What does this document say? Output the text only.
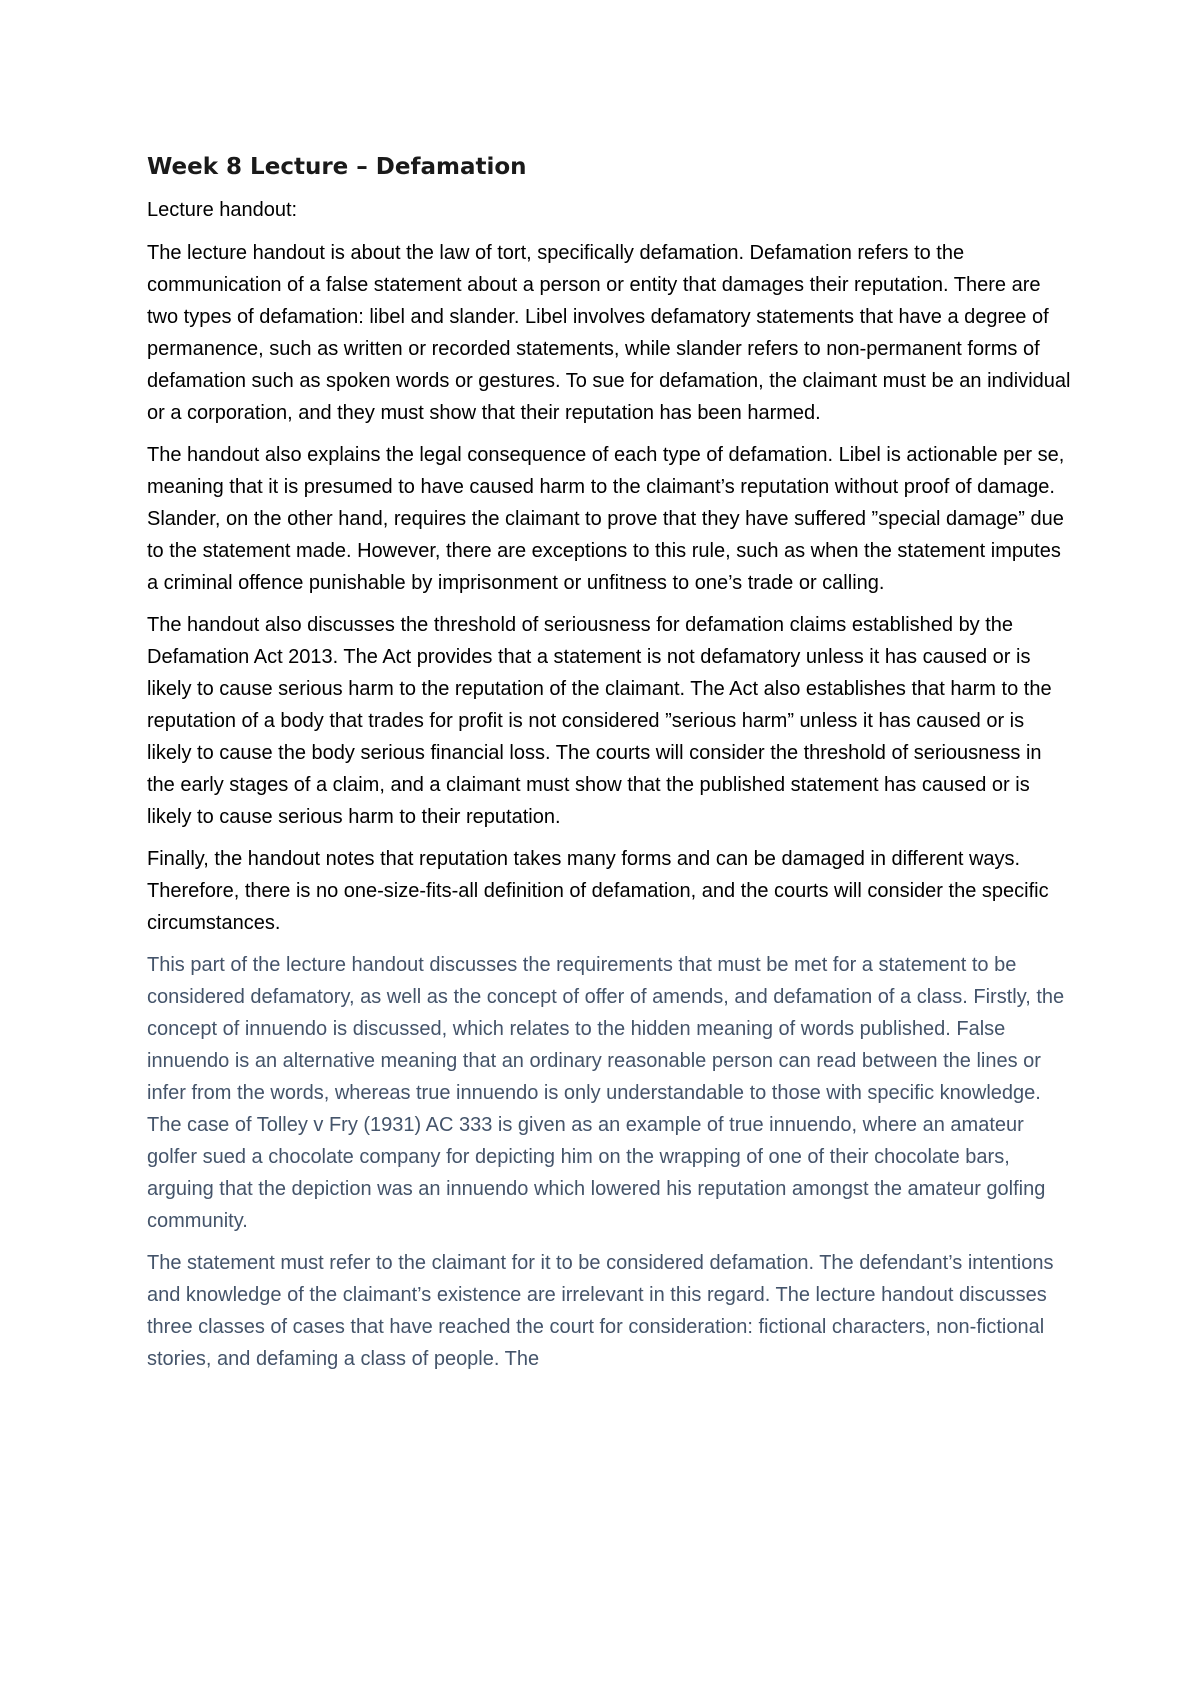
Week 8 Lecture – Defamation

Lecture handout:

The lecture handout is about the law of tort, specifically defamation. Defamation refers to the communication of a false statement about a person or entity that damages their reputation. There are two types of defamation: libel and slander. Libel involves defamatory statements that have a degree of permanence, such as written or recorded statements, while slander refers to non-permanent forms of defamation such as spoken words or gestures. To sue for defamation, the claimant must be an individual or a corporation, and they must show that their reputation has been harmed.

The handout also explains the legal consequence of each type of defamation. Libel is actionable per se, meaning that it is presumed to have caused harm to the claimant’s reputation without proof of damage. Slander, on the other hand, requires the claimant to prove that they have suffered ”special damage” due to the statement made. However, there are exceptions to this rule, such as when the statement imputes a criminal offence punishable by imprisonment or unfitness to one’s trade or calling.

The handout also discusses the threshold of seriousness for defamation claims established by the Defamation Act 2013. The Act provides that a statement is not defamatory unless it has caused or is likely to cause serious harm to the reputation of the claimant. The Act also establishes that harm to the reputation of a body that trades for profit is not considered ”serious harm” unless it has caused or is likely to cause the body serious financial loss. The courts will consider the threshold of seriousness in the early stages of a claim, and a claimant must show that the published statement has caused or is likely to cause serious harm to their reputation.

Finally, the handout notes that reputation takes many forms and can be damaged in different ways. Therefore, there is no one-size-fits-all definition of defamation, and the courts will consider the specific circumstances.

This part of the lecture handout discusses the requirements that must be met for a statement to be considered defamatory, as well as the concept of offer of amends, and defamation of a class. Firstly, the concept of innuendo is discussed, which relates to the hidden meaning of words published. False innuendo is an alternative meaning that an ordinary reasonable person can read between the lines or infer from the words, whereas true innuendo is only understandable to those with specific knowledge. The case of Tolley v Fry (1931) AC 333 is given as an example of true innuendo, where an amateur golfer sued a chocolate company for depicting him on the wrapping of one of their chocolate bars, arguing that the depiction was an innuendo which lowered his reputation amongst the amateur golfing community.

The statement must refer to the claimant for it to be considered defamation. The defendant’s intentions and knowledge of the claimant’s existence are irrelevant in this regard. The lecture handout discusses three classes of cases that have reached the court for consideration: fictional characters, non-fictional stories, and defaming a class of people. The
